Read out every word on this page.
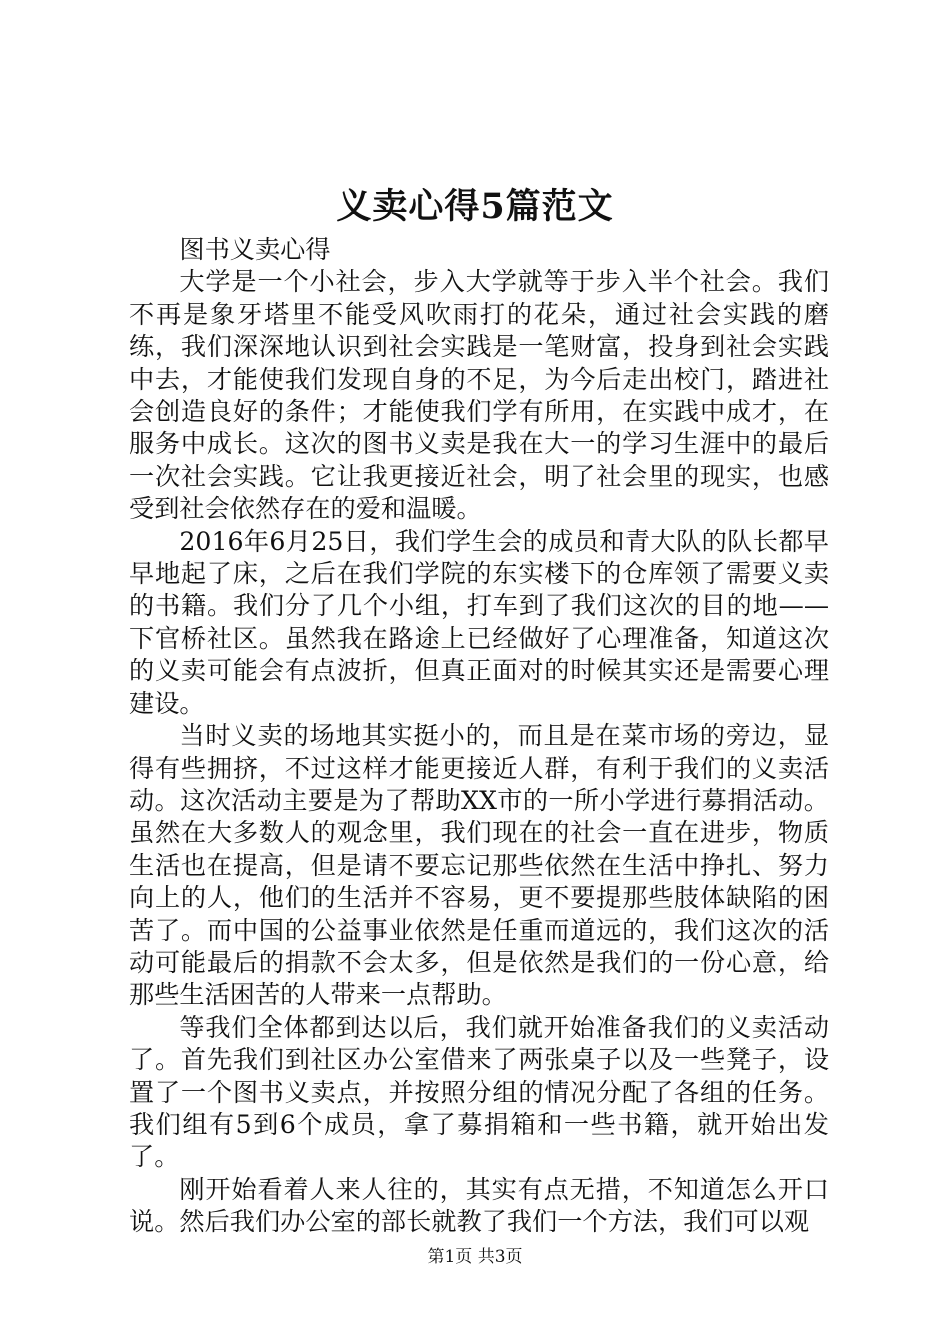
义卖心得5篇范文

图书义卖心得

大学是一个小社会，步入大学就等于步入半个社会。我们不再是象牙塔里不能受风吹雨打的花朵，通过社会实践的磨练，我们深深地认识到社会实践是一笔财富，投身到社会实践中去，才能使我们发现自身的不足，为今后走出校门，踏进社会创造良好的条件；才能使我们学有所用，在实践中成才，在服务中成长。这次的图书义卖是我在大一的学习生涯中的最后一次社会实践。它让我更接近社会，明了社会里的现实，也感受到社会依然存在的爱和温暖。

2016年6月25日，我们学生会的成员和青大队的队长都早早地起了床，之后在我们学院的东实楼下的仓库领了需要义卖的书籍。我们分了几个小组，打车到了我们这次的目的地——下官桥社区。虽然我在路途上已经做好了心理准备，知道这次的义卖可能会有点波折，但真正面对的时候其实还是需要心理建设。

当时义卖的场地其实挺小的，而且是在菜市场的旁边，显得有些拥挤，不过这样才能更接近人群，有利于我们的义卖活动。这次活动主要是为了帮助XX市的一所小学进行募捐活动。虽然在大多数人的观念里，我们现在的社会一直在进步，物质生活也在提高，但是请不要忘记那些依然在生活中挣扎、努力向上的人，他们的生活并不容易，更不要提那些肢体缺陷的困苦了。而中国的公益事业依然是任重而道远的，我们这次的活动可能最后的捐款不会太多，但是依然是我们的一份心意，给那些生活困苦的人带来一点帮助。

等我们全体都到达以后，我们就开始准备我们的义卖活动了。首先我们到社区办公室借来了两张桌子以及一些凳子，设置了一个图书义卖点，并按照分组的情况分配了各组的任务。我们组有5到6个成员，拿了募捐箱和一些书籍，就开始出发了。

刚开始看着人来人往的，其实有点无措，不知道怎么开口说。然后我们办公室的部长就教了我们一个方法，我们可以观

第1页 共3页
